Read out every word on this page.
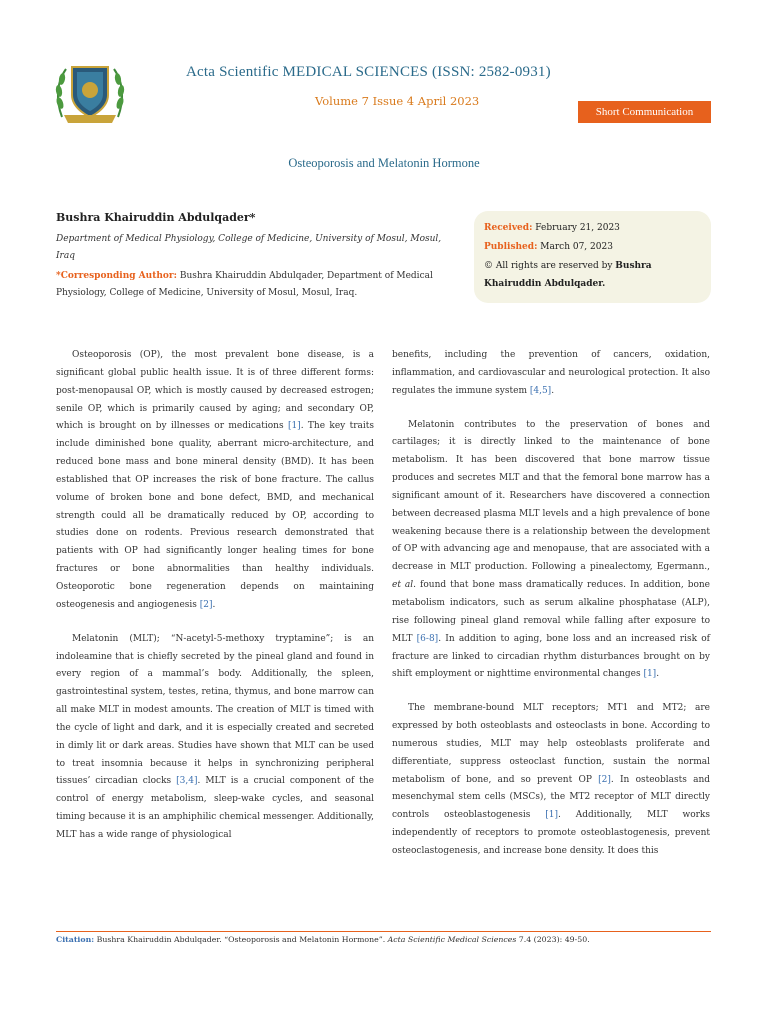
Acta Scientific MEDICAL SCIENCES (ISSN: 2582-0931)
Volume 7 Issue 4 April 2023
Short Communication
Osteoporosis and Melatonin Hormone
Bushra Khairuddin Abdulqader*
Department of Medical Physiology, College of Medicine, University of Mosul, Mosul, Iraq
*Corresponding Author: Bushra Khairuddin Abdulqader, Department of Medical Physiology, College of Medicine, University of Mosul, Mosul, Iraq.
Received: February 21, 2023
Published: March 07, 2023
© All rights are reserved by Bushra
Khairuddin Abdulqader.

Osteoporosis (OP), the most prevalent bone disease, is a significant global public health issue. It is of three different forms: post-menopausal OP, which is mostly caused by decreased estrogen; senile OP, which is primarily caused by aging; and secondary OP, which is brought on by illnesses or medications [1]. The key traits include diminished bone quality, aberrant micro-architecture, and reduced bone mass and bone mineral density (BMD). It has been established that OP increases the risk of bone fracture. The callus volume of broken bone and bone defect, BMD, and mechanical strength could all be dramatically reduced by OP, according to studies done on rodents. Previous research demonstrated that patients with OP had significantly longer healing times for bone fractures or bone abnormalities than healthy individuals. Osteoporotic bone regeneration depends on maintaining osteogenesis and angiogenesis [2].

Melatonin (MLT); “N-acetyl-5-methoxy tryptamine”; is an indoleamine that is chiefly secreted by the pineal gland and found in every region of a mammal’s body. Additionally, the spleen, gastrointestinal system, testes, retina, thymus, and bone marrow can all make MLT in modest amounts. The creation of MLT is timed with the cycle of light and dark, and it is especially created and secreted in dimly lit or dark areas. Studies have shown that MLT can be used to treat insomnia because it helps in synchronizing peripheral tissues’ circadian clocks [3,4]. MLT is a crucial component of the control of energy metabolism, sleep-wake cycles, and seasonal timing because it is an amphiphilic chemical messenger. Additionally, MLT has a wide range of physiological

benefits, including the prevention of cancers, oxidation, inflammation, and cardiovascular and neurological protection. It also regulates the immune system [4,5].

Melatonin contributes to the preservation of bones and cartilages; it is directly linked to the maintenance of bone metabolism. It has been discovered that bone marrow tissue produces and secretes MLT and that the femoral bone marrow has a significant amount of it. Researchers have discovered a connection between decreased plasma MLT levels and a high prevalence of bone weakening because there is a relationship between the development of OP with advancing age and menopause, that are associated with a decrease in MLT production. Following a pinealectomy, Egermann., et al. found that bone mass dramatically reduces. In addition, bone metabolism indicators, such as serum alkaline phosphatase (ALP), rise following pineal gland removal while falling after exposure to MLT [6-8]. In addition to aging, bone loss and an increased risk of fracture are linked to circadian rhythm disturbances brought on by shift employment or nighttime environmental changes [1].

The membrane-bound MLT receptors; MT1 and MT2; are expressed by both osteoblasts and osteoclasts in bone. According to numerous studies, MLT may help osteoblasts proliferate and differentiate, suppress osteoclast function, sustain the normal metabolism of bone, and so prevent OP [2]. In osteoblasts and mesenchymal stem cells (MSCs), the MT2 receptor of MLT directly controls osteoblastogenesis [1]. Additionally, MLT works independently of receptors to promote osteoblastogenesis, prevent osteoclastogenesis, and increase bone density. It does this

Citation: Bushra Khairuddin Abdulqader. “Osteoporosis and Melatonin Hormone”. Acta Scientific Medical Sciences 7.4 (2023): 49-50.
